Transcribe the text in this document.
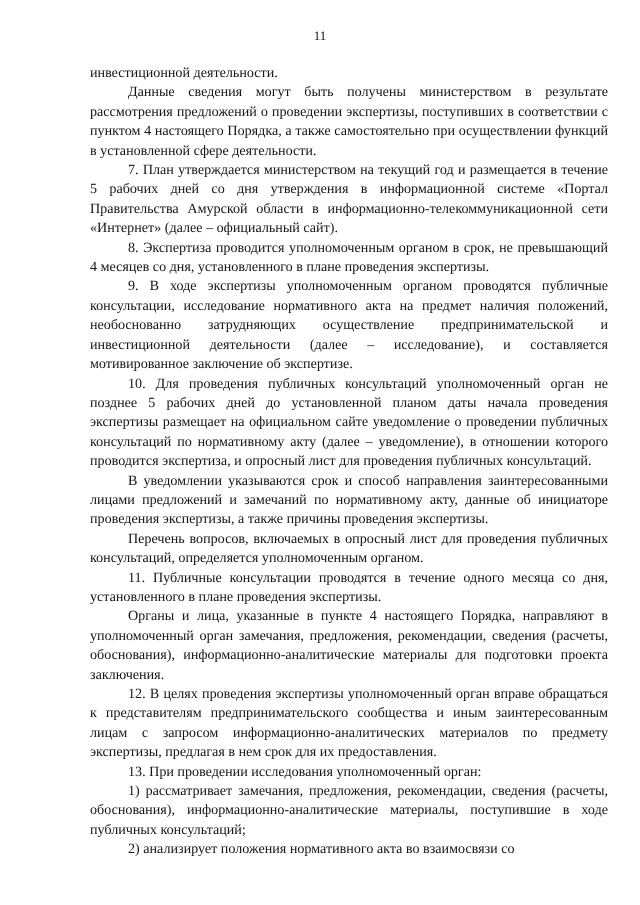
11

инвестиционной деятельности.

Данные сведения могут быть получены министерством в результате рассмотрения предложений о проведении экспертизы, поступивших в соответствии с пунктом 4 настоящего Порядка, а также самостоятельно при осуществлении функций в установленной сфере деятельности.

7. План утверждается министерством на текущий год и размещается в течение 5 рабочих дней со дня утверждения в информационной системе «Портал Правительства Амурской области в информационно-телекоммуникационной сети «Интернет» (далее – официальный сайт).

8. Экспертиза проводится уполномоченным органом в срок, не превышающий 4 месяцев со дня, установленного в плане проведения экспертизы.

9. В ходе экспертизы уполномоченным органом проводятся публичные консультации, исследование нормативного акта на предмет наличия положений, необоснованно затрудняющих осуществление предпринимательской и инвестиционной деятельности (далее – исследование), и составляется мотивированное заключение об экспертизе.

10. Для проведения публичных консультаций уполномоченный орган не позднее 5 рабочих дней до установленной планом даты начала проведения экспертизы размещает на официальном сайте уведомление о проведении публичных консультаций по нормативному акту (далее – уведомление), в отношении которого проводится экспертиза, и опросный лист для проведения публичных консультаций.

В уведомлении указываются срок и способ направления заинтересованными лицами предложений и замечаний по нормативному акту, данные об инициаторе проведения экспертизы, а также причины проведения экспертизы.

Перечень вопросов, включаемых в опросный лист для проведения публичных консультаций, определяется уполномоченным органом.

11. Публичные консультации проводятся в течение одного месяца со дня, установленного в плане проведения экспертизы.

Органы и лица, указанные в пункте 4 настоящего Порядка, направляют в уполномоченный орган замечания, предложения, рекомендации, сведения (расчеты, обоснования), информационно-аналитические материалы для подготовки проекта заключения.

12. В целях проведения экспертизы уполномоченный орган вправе обращаться к представителям предпринимательского сообщества и иным заинтересованным лицам с запросом информационно-аналитических материалов по предмету экспертизы, предлагая в нем срок для их предоставления.

13. При проведении исследования уполномоченный орган:

1) рассматривает замечания, предложения, рекомендации, сведения (расчеты, обоснования), информационно-аналитические материалы, поступившие в ходе публичных консультаций;

2) анализирует положения нормативного акта во взаимосвязи со
